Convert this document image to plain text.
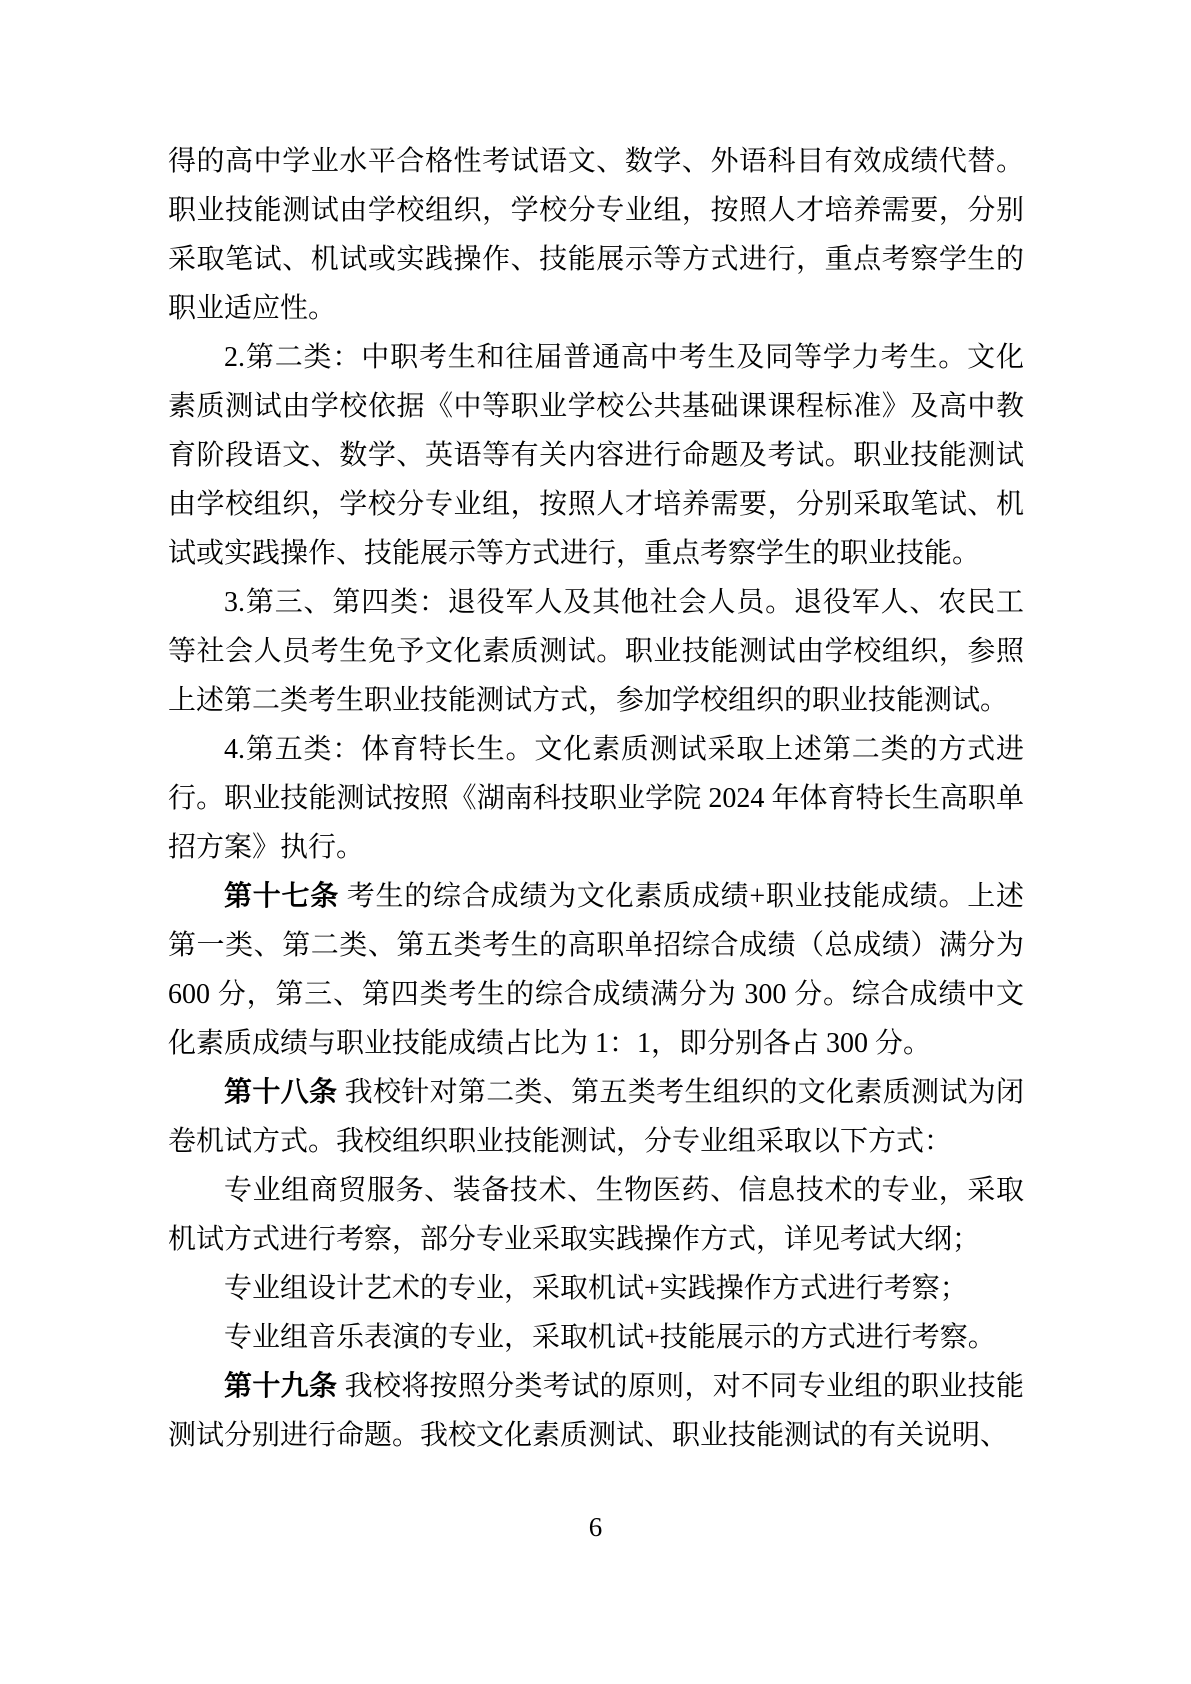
得的高中学业水平合格性考试语文、数学、外语科目有效成绩代替。职业技能测试由学校组织，学校分专业组，按照人才培养需要，分别采取笔试、机试或实践操作、技能展示等方式进行，重点考察学生的职业适应性。

2.第二类：中职考生和往届普通高中考生及同等学力考生。文化素质测试由学校依据《中等职业学校公共基础课课程标准》及高中教育阶段语文、数学、英语等有关内容进行命题及考试。职业技能测试由学校组织，学校分专业组，按照人才培养需要，分别采取笔试、机试或实践操作、技能展示等方式进行，重点考察学生的职业技能。

3.第三、第四类：退役军人及其他社会人员。退役军人、农民工等社会人员考生免予文化素质测试。职业技能测试由学校组织，参照上述第二类考生职业技能测试方式，参加学校组织的职业技能测试。

4.第五类：体育特长生。文化素质测试采取上述第二类的方式进行。职业技能测试按照《湖南科技职业学院 2024 年体育特长生高职单招方案》执行。

第十七条 考生的综合成绩为文化素质成绩+职业技能成绩。上述第一类、第二类、第五类考生的高职单招综合成绩（总成绩）满分为 600 分，第三、第四类考生的综合成绩满分为 300 分。综合成绩中文化素质成绩与职业技能成绩占比为 1：1，即分别各占 300 分。

第十八条 我校针对第二类、第五类考生组织的文化素质测试为闭卷机试方式。我校组织职业技能测试，分专业组采取以下方式：

专业组商贸服务、装备技术、生物医药、信息技术的专业，采取机试方式进行考察，部分专业采取实践操作方式，详见考试大纲；

专业组设计艺术的专业，采取机试+实践操作方式进行考察；

专业组音乐表演的专业，采取机试+技能展示的方式进行考察。

第十九条 我校将按照分类考试的原则，对不同专业组的职业技能测试分别进行命题。我校文化素质测试、职业技能测试的有关说明、

6
